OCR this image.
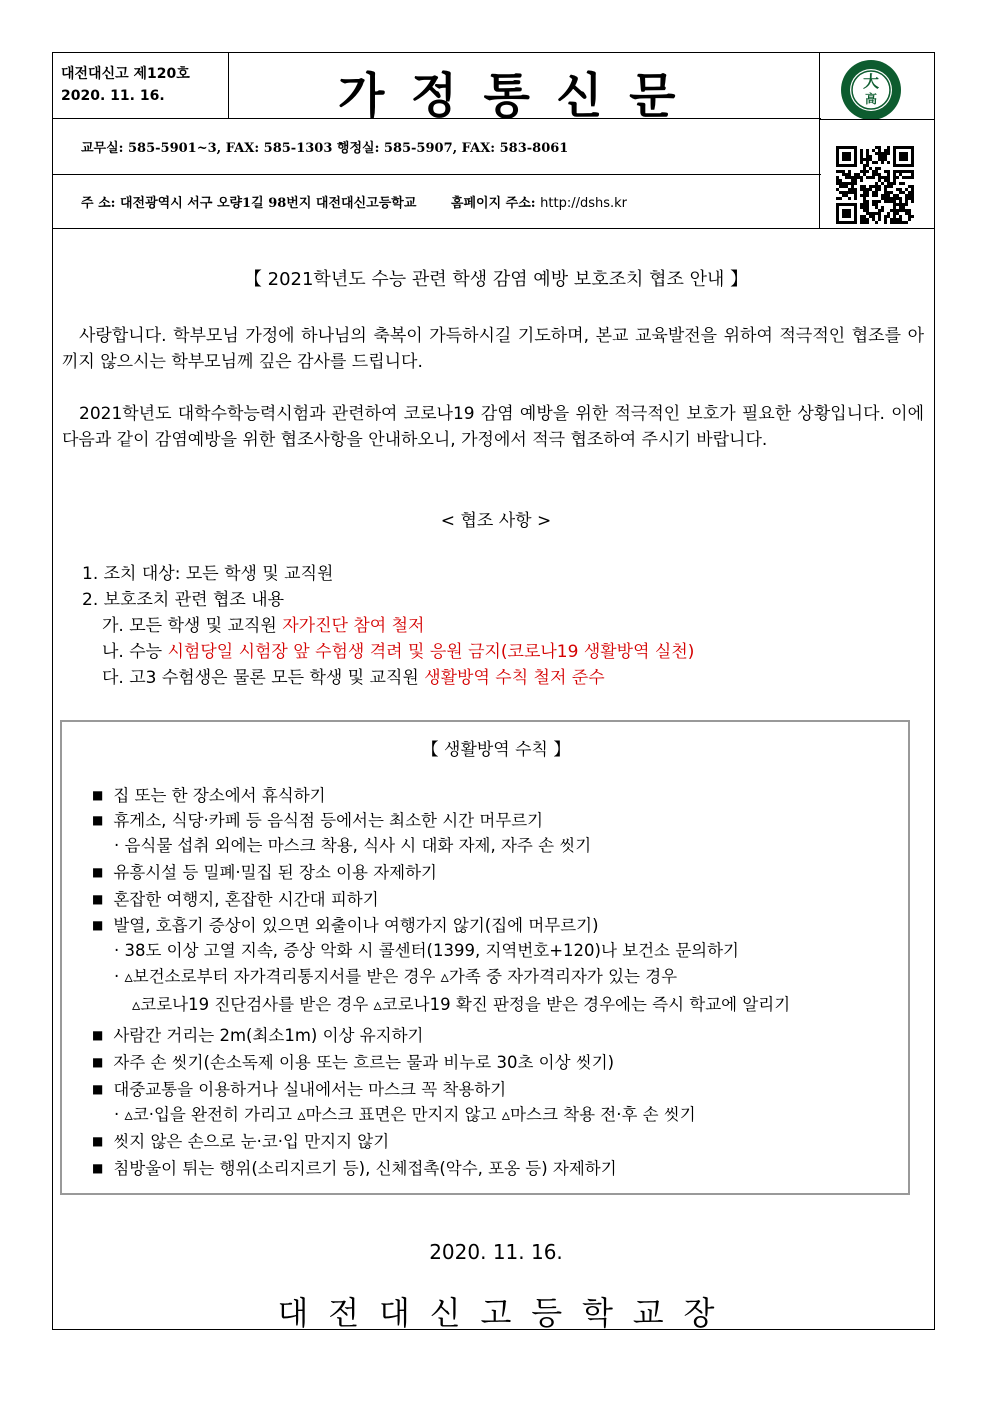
대전대신고 제120호
2020. 11. 16.	가정통신문	大
高
교무실: 585-5901~3, FAX: 585-1303 행정실: 585-5907, FAX: 583-8061
주 소: 대전광역시 서구 오량1길 98번지 대전대신고등학교	홈페이지 주소: http://dshs.kr
【 2021학년도 수능 관련 학생 감염 예방 보호조치 협조 안내 】
사랑합니다. 학부모님 가정에 하나님의 축복이 가득하시길 기도하며, 본교 교육발전을 위하여 적극적인 협조를 아끼지 않으시는 학부모님께 깊은 감사를 드립니다.
2021학년도 대학수학능력시험과 관련하여 코로나19 감염 예방을 위한 적극적인 보호가 필요한 상황입니다. 이에 다음과 같이 감염예방을 위한 협조사항을 안내하오니, 가정에서 적극 협조하여 주시기 바랍니다.
< 협조 사항 >
1. 조치 대상: 모든 학생 및 교직원
2. 보호조치 관련 협조 내용
가. 모든 학생 및 교직원 자가진단 참여 철저
나. 수능 시험당일 시험장 앞 수험생 격려 및 응원 금지(코로나19 생활방역 실천)
다. 고3 수험생은 물론 모든 학생 및 교직원 생활방역 수칙 철저 준수
【 생활방역 수칙 】
■ 집 또는 한 장소에서 휴식하기
■ 휴게소, 식당·카페 등 음식점 등에서는 최소한 시간 머무르기
· 음식물 섭취 외에는 마스크 착용, 식사 시 대화 자제, 자주 손 씻기
■ 유흥시설 등 밀폐·밀집 된 장소 이용 자제하기
■ 혼잡한 여행지, 혼잡한 시간대 피하기
■ 발열, 호흡기 증상이 있으면 외출이나 여행가지 않기(집에 머무르기)
· 38도 이상 고열 지속, 증상 악화 시 콜센터(1399, 지역번호+120)나 보건소 문의하기
· ▵보건소로부터 자가격리통지서를 받은 경우 ▵가족 중 자가격리자가 있는 경우
▵코로나19 진단검사를 받은 경우 ▵코로나19 확진 판정을 받은 경우에는 즉시 학교에 알리기
■ 사람간 거리는 2m(최소1m) 이상 유지하기
■ 자주 손 씻기(손소독제 이용 또는 흐르는 물과 비누로 30초 이상 씻기)
■ 대중교통을 이용하거나 실내에서는 마스크 꼭 착용하기
· ▵코·입을 완전히 가리고 ▵마스크 표면은 만지지 않고 ▵마스크 착용 전·후 손 씻기
■ 씻지 않은 손으로 눈·코·입 만지지 않기
■ 침방울이 튀는 행위(소리지르기 등), 신체접촉(악수, 포옹 등) 자제하기
2020. 11. 16.
대전대신고등학교장
